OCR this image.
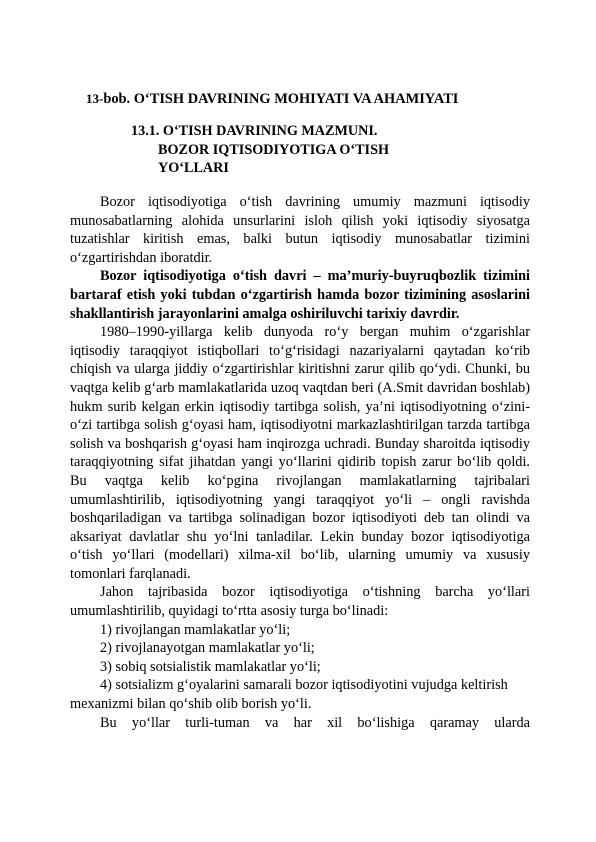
13-bob. O‘TISH DAVRINING MOHIYATI VA AHAMIYATI
13.1. O‘TISH DAVRINING MAZMUNI.
BOZOR IQTISODIYOTIGA O‘TISH
YO‘LLARI

Bozor iqtisodiyotiga o‘tish davrining umumiy mazmuni iqtisodiy munosabatlarning alohida unsurlarini isloh qilish yoki iqtisodiy siyosatga tuzatishlar kiritish emas, balki butun iqtisodiy munosabatlar tizimini o‘zgartirishdan iboratdir.

Bozor iqtisodiyotiga o‘tish davri – ma’muriy-buyruqbozlik tizimini bartaraf etish yoki tubdan o‘zgartirish hamda bozor tizimining asoslarini shakllantirish jarayonlarini amalga oshiriluvchi tarixiy davrdir.

1980–1990-yillarga kelib dunyoda ro‘y bergan muhim o‘zgarishlar iqtisodiy taraqqiyot istiqbollari to‘g‘risidagi nazariyalarni qaytadan ko‘rib chiqish va ularga jiddiy o‘zgartirishlar kiritishni zarur qilib qo‘ydi. Chunki, bu vaqtga kelib g‘arb mamlakatlarida uzoq vaqtdan beri (A.Smit davridan boshlab) hukm surib kelgan erkin iqtisodiy tartibga solish, ya’ni iqtisodiyotning o‘zini-o‘zi tartibga solish g‘oyasi ham, iqtisodiyotni markazlashtirilgan tarzda tartibga solish va boshqarish g‘oyasi ham inqirozga uchradi. Bunday sharoitda iqtisodiy taraqqiyotning sifat jihatdan yangi yo‘llarini qidirib topish zarur bo‘lib qoldi. Bu vaqtga kelib ko‘pgina rivojlangan mamlakatlarning tajribalari umumlashtirilib, iqtisodiyotning yangi taraqqiyot yo‘li – ongli ravishda boshqariladigan va tartibga solinadigan bozor iqtisodiyoti deb tan olindi va aksariyat davlatlar shu yo‘lni tanladilar. Lekin bunday bozor iqtisodiyotiga o‘tish yo‘llari (modellari) xilma-xil bo‘lib, ularning umumiy va xususiy tomonlari farqlanadi.

Jahon tajribasida bozor iqtisodiyotiga o‘tishning barcha yo‘llari umumlashtirilib, quyidagi to‘rtta asosiy turga bo‘linadi:

1) rivojlangan mamlakatlar yo‘li;

2) rivojlanayotgan mamlakatlar yo‘li;

3) sobiq sotsialistik mamlakatlar yo‘li;

4) sotsializm g‘oyalarini samarali bozor iqtisodiyotini vujudga keltirish mexanizmi bilan qo‘shib olib borish yo‘li.

Bu yo‘llar turli-tuman va har xil bo‘lishiga qaramay ularda
